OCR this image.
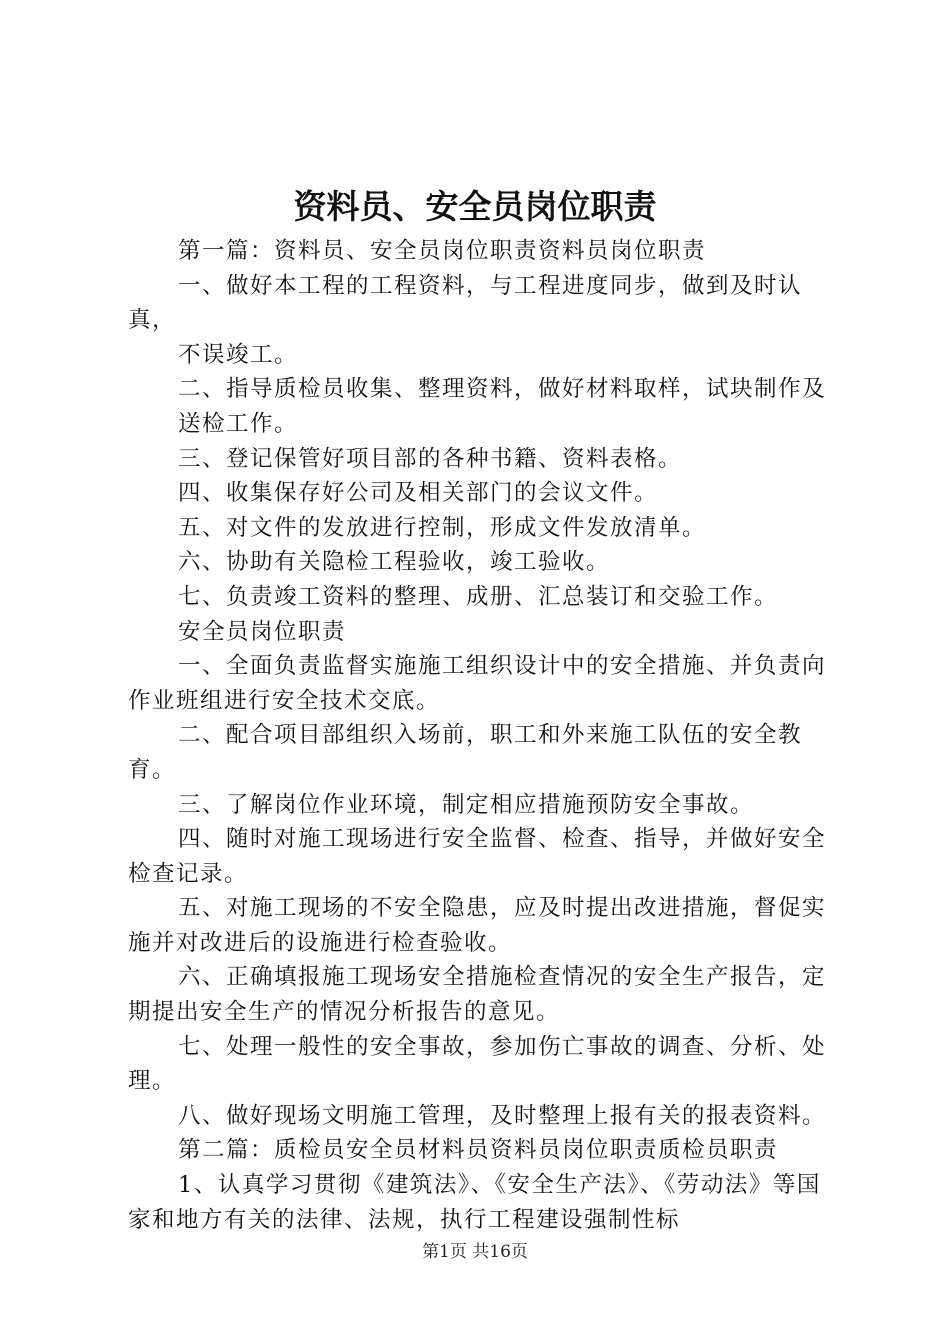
资料员、安全员岗位职责

第一篇：资料员、安全员岗位职责资料员岗位职责

一、做好本工程的工程资料，与工程进度同步，做到及时认真，

不误竣工。

二、指导质检员收集、整理资料，做好材料取样，试块制作及

送检工作。

三、登记保管好项目部的各种书籍、资料表格。

四、收集保存好公司及相关部门的会议文件。

五、对文件的发放进行控制，形成文件发放清单。

六、协助有关隐检工程验收，竣工验收。

七、负责竣工资料的整理、成册、汇总装订和交验工作。

安全员岗位职责

一、全面负责监督实施施工组织设计中的安全措施、并负责向作业班组进行安全技术交底。

二、配合项目部组织入场前，职工和外来施工队伍的安全教育。

三、了解岗位作业环境，制定相应措施预防安全事故。

四、随时对施工现场进行安全监督、检查、指导，并做好安全检查记录。

五、对施工现场的不安全隐患，应及时提出改进措施，督促实施并对改进后的设施进行检查验收。

六、正确填报施工现场安全措施检查情况的安全生产报告，定期提出安全生产的情况分析报告的意见。

七、处理一般性的安全事故，参加伤亡事故的调查、分析、处理。

八、做好现场文明施工管理，及时整理上报有关的报表资料。

第二篇：质检员安全员材料员资料员岗位职责质检员职责

1、认真学习贯彻《建筑法》、《安全生产法》、《劳动法》等国家和地方有关的法律、法规，执行工程建设强制性标

第1页 共16页
